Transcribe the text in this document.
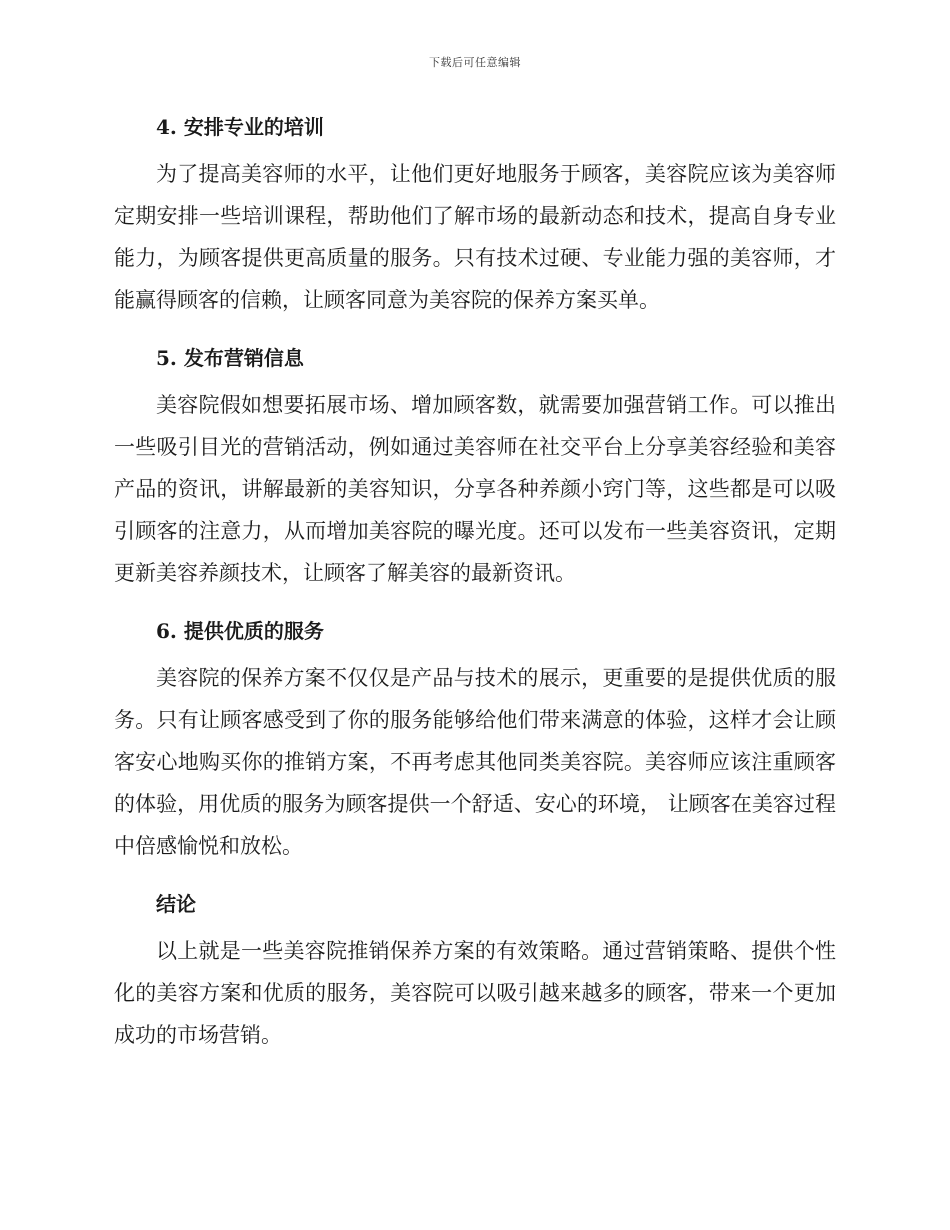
下载后可任意编辑
4. 安排专业的培训

为了提高美容师的水平，让他们更好地服务于顾客，美容院应该为美容师定期安排一些培训课程，帮助他们了解市场的最新动态和技术，提高自身专业能力，为顾客提供更高质量的服务。只有技术过硬、专业能力强的美容师，才能赢得顾客的信赖，让顾客同意为美容院的保养方案买单。

5. 发布营销信息

美容院假如想要拓展市场、增加顾客数，就需要加强营销工作。可以推出一些吸引目光的营销活动，例如通过美容师在社交平台上分享美容经验和美容产品的资讯，讲解最新的美容知识，分享各种养颜小窍门等，这些都是可以吸引顾客的注意力，从而增加美容院的曝光度。还可以发布一些美容资讯，定期更新美容养颜技术，让顾客了解美容的最新资讯。

6. 提供优质的服务

美容院的保养方案不仅仅是产品与技术的展示，更重要的是提供优质的服务。只有让顾客感受到了你的服务能够给他们带来满意的体验，这样才会让顾客安心地购买你的推销方案，不再考虑其他同类美容院。美容师应该注重顾客的体验，用优质的服务为顾客提供一个舒适、安心的环境， 让顾客在美容过程中倍感愉悦和放松。

结论

以上就是一些美容院推销保养方案的有效策略。通过营销策略、提供个性化的美容方案和优质的服务，美容院可以吸引越来越多的顾客，带来一个更加成功的市场营销。
